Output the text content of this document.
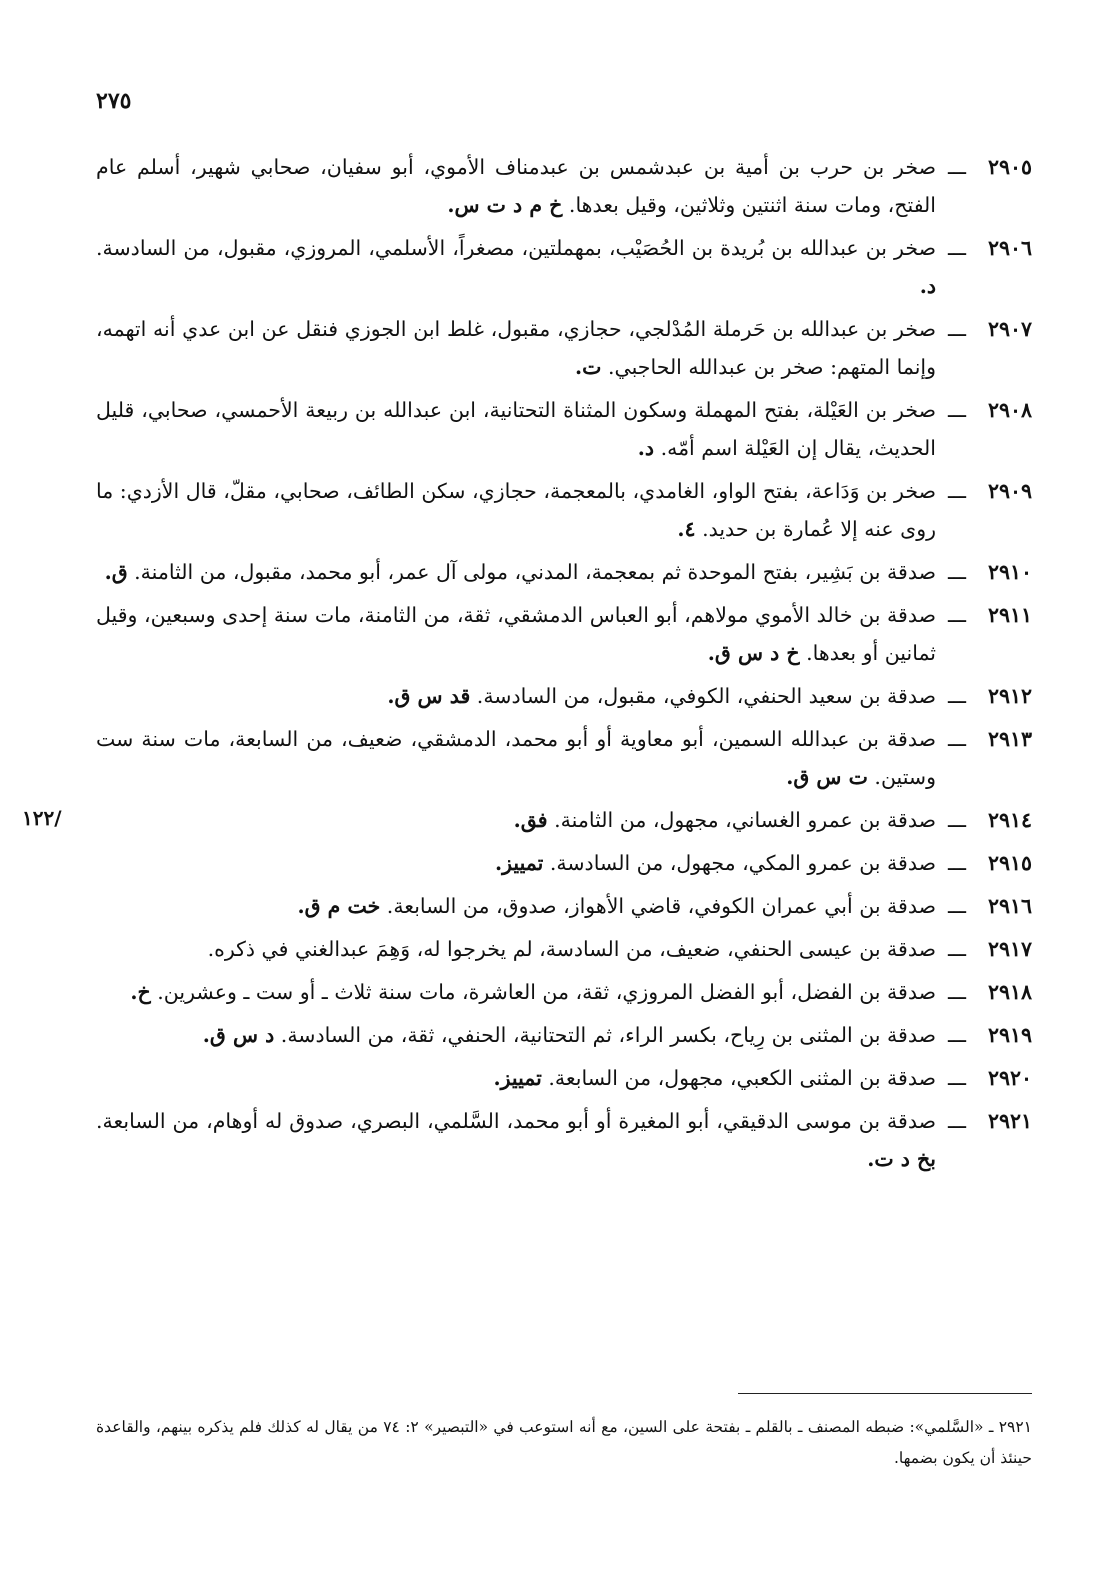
٢٧٥
/١٢٢
٢٩٠٥
ـــ
صخر بن حرب بن أمية بن عبدشمس بن عبدمناف الأموي، أبو سفيان، صحابي شهير، أسلم عام الفتح، ومات سنة اثنتين وثلاثين، وقيل بعدها. خ م د ت س.
٢٩٠٦
ـــ
صخر بن عبدالله بن بُريدة بن الحُصَيْب، بمهملتين، مصغراً، الأسلمي، المروزي، مقبول، من السادسة. د.
٢٩٠٧
ـــ
صخر بن عبدالله بن حَرملة المُدْلجي، حجازي، مقبول، غلط ابن الجوزي فنقل عن ابن عدي أنه اتهمه، وإنما المتهم: صخر بن عبدالله الحاجبي. ت.
٢٩٠٨
ـــ
صخر بن العَيْلة، بفتح المهملة وسكون المثناة التحتانية، ابن عبدالله بن ربيعة الأحمسي، صحابي، قليل الحديث، يقال إن العَيْلة اسم أمّه. د.
٢٩٠٩
ـــ
صخر بن وَدَاعة، بفتح الواو، الغامدي، بالمعجمة، حجازي، سكن الطائف، صحابي، مقلّ، قال الأزدي: ما روى عنه إلا عُمارة بن حديد. ٤.
٢٩١٠
ـــ
صدقة بن بَشِير، بفتح الموحدة ثم بمعجمة، المدني، مولى آل عمر، أبو محمد، مقبول، من الثامنة. ق.
٢٩١١
ـــ
صدقة بن خالد الأموي مولاهم، أبو العباس الدمشقي، ثقة، من الثامنة، مات سنة إحدى وسبعين، وقيل ثمانين أو بعدها. خ د س ق.
٢٩١٢
ـــ
صدقة بن سعيد الحنفي، الكوفي، مقبول، من السادسة. قد س ق.
٢٩١٣
ـــ
صدقة بن عبدالله السمين، أبو معاوية أو أبو محمد، الدمشقي، ضعيف، من السابعة، مات سنة ست وستين. ت س ق.
٢٩١٤
ـــ
صدقة بن عمرو الغساني، مجهول، من الثامنة. فق.
٢٩١٥
ـــ
صدقة بن عمرو المكي، مجهول، من السادسة. تمييز.
٢٩١٦
ـــ
صدقة بن أبي عمران الكوفي، قاضي الأهواز، صدوق، من السابعة. خت م ق.
٢٩١٧
ـــ
صدقة بن عيسى الحنفي، ضعيف، من السادسة، لم يخرجوا له، وَهِمَ عبدالغني في ذكره.
٢٩١٨
ـــ
صدقة بن الفضل، أبو الفضل المروزي، ثقة، من العاشرة، مات سنة ثلاث ـ أو ست ـ وعشرين. خ.
٢٩١٩
ـــ
صدقة بن المثنى بن رِياح، بكسر الراء، ثم التحتانية، الحنفي، ثقة، من السادسة. د س ق.
٢٩٢٠
ـــ
صدقة بن المثنى الكعبي، مجهول، من السابعة. تمييز.
٢٩٢١
ـــ
صدقة بن موسى الدقيقي، أبو المغيرة أو أبو محمد، السَّلمي، البصري، صدوق له أوهام، من السابعة. بخ د ت.
٢٩٢١ ـ «السَّلمي»: ضبطه المصنف ـ بالقلم ـ بفتحة على السين، مع أنه استوعب في «التبصير» ٢: ٧٤ من يقال له كذلك فلم يذكره بينهم، والقاعدة حينئذ أن يكون بضمها.
